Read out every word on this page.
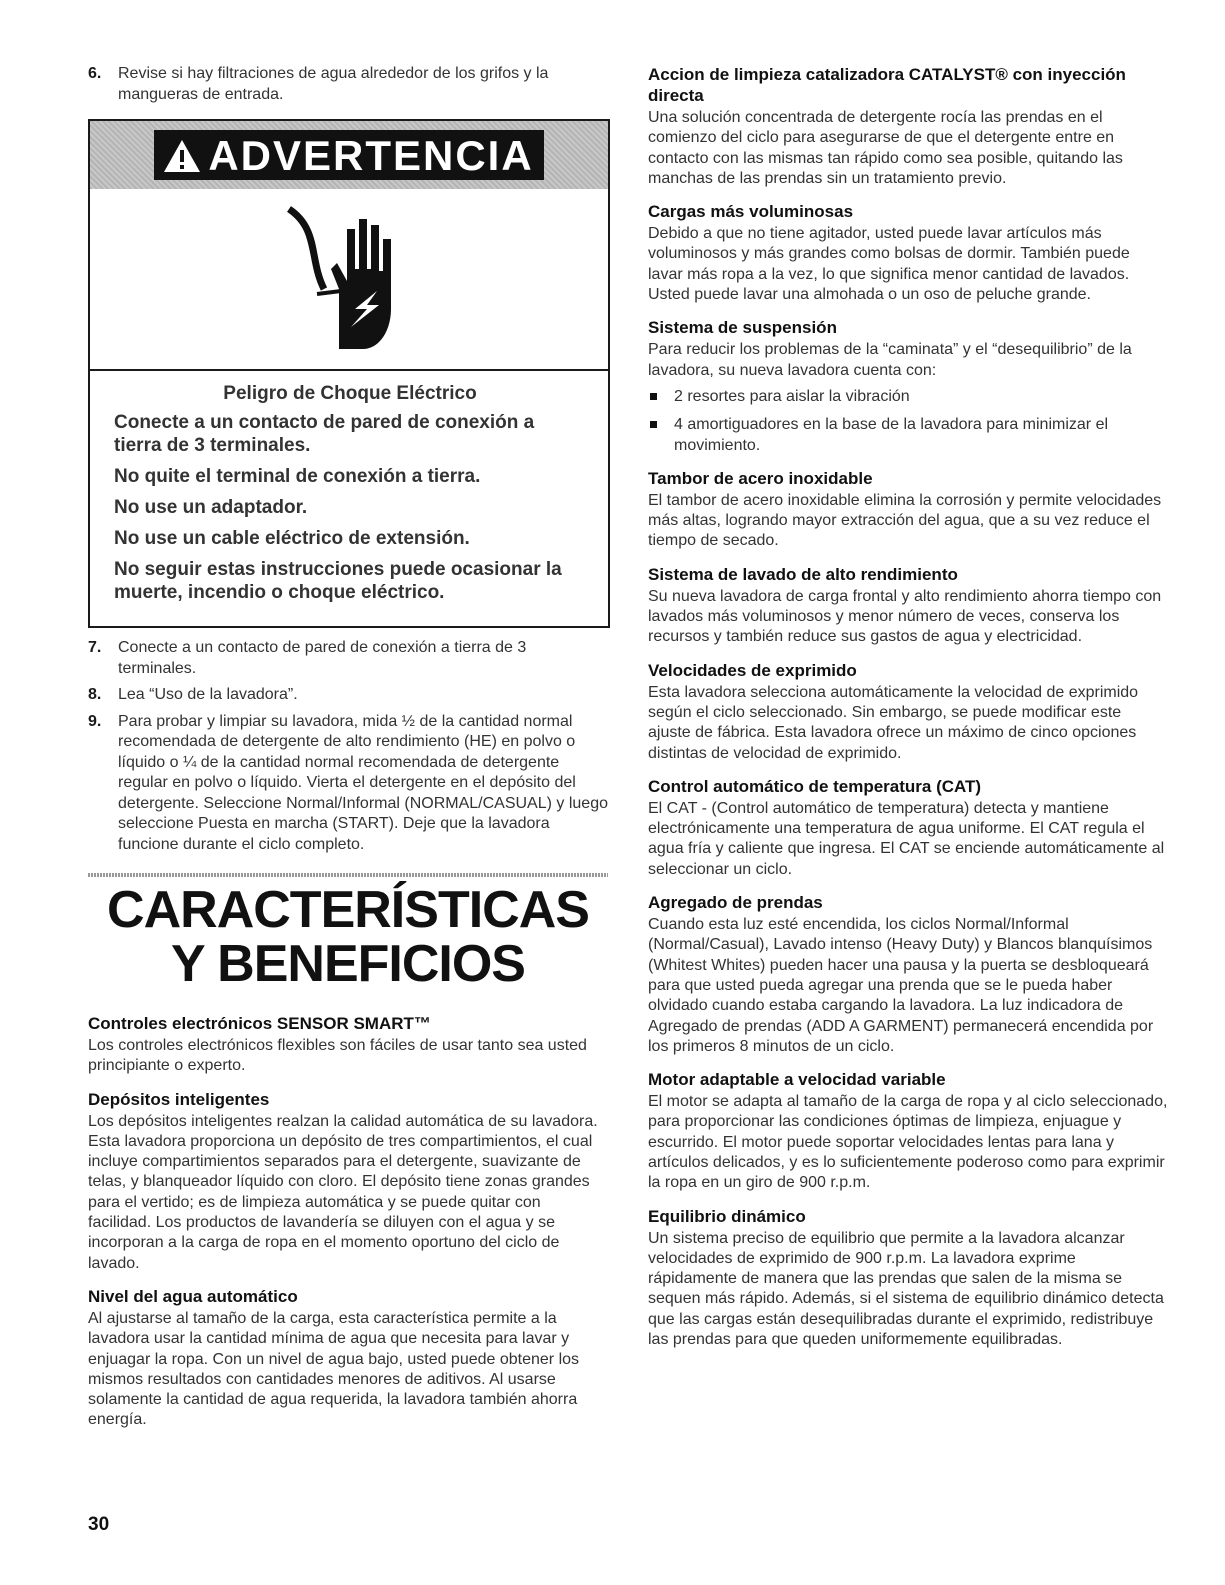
6. Revise si hay filtraciones de agua alrededor de los grifos y la mangueras de entrada.
ADVERTENCIA
Peligro de Choque Eléctrico
Conecte a un contacto de pared de conexión a tierra de 3 terminales.
No quite el terminal de conexión a tierra.
No use un adaptador.
No use un cable eléctrico de extensión.
No seguir estas instrucciones puede ocasionar la muerte, incendio o choque eléctrico.
7. Conecte a un contacto de pared de conexión a tierra de 3 terminales.
8. Lea “Uso de la lavadora”.
9. Para probar y limpiar su lavadora, mida ½ de la cantidad normal recomendada de detergente de alto rendimiento (HE) en polvo o líquido o ¼ de la cantidad normal recomendada de detergente regular en polvo o líquido. Vierta el detergente en el depósito del detergente. Seleccione Normal/Informal (NORMAL/CASUAL) y luego seleccione Puesta en marcha (START). Deje que la lavadora funcione durante el ciclo completo.
CARACTERÍSTICAS
Y BENEFICIOS
Controles electrónicos SENSOR SMART™

Los controles electrónicos flexibles son fáciles de usar tanto sea usted principiante o experto.

Depósitos inteligentes

Los depósitos inteligentes realzan la calidad automática de su lavadora. Esta lavadora proporciona un depósito de tres compartimientos, el cual incluye compartimientos separados para el detergente, suavizante de telas, y blanqueador líquido con cloro. El depósito tiene zonas grandes para el vertido; es de limpieza automática y se puede quitar con facilidad. Los productos de lavandería se diluyen con el agua y se incorporan a la carga de ropa en el momento oportuno del ciclo de lavado.

Nivel del agua automático

Al ajustarse al tamaño de la carga, esta característica permite a la lavadora usar la cantidad mínima de agua que necesita para lavar y enjuagar la ropa. Con un nivel de agua bajo, usted puede obtener los mismos resultados con cantidades menores de aditivos. Al usarse solamente la cantidad de agua requerida, la lavadora también ahorra energía.

Accion de limpieza catalizadora CATALYST® con inyección directa

Una solución concentrada de detergente rocía las prendas en el comienzo del ciclo para asegurarse de que el detergente entre en contacto con las mismas tan rápido como sea posible, quitando las manchas de las prendas sin un tratamiento previo.

Cargas más voluminosas

Debido a que no tiene agitador, usted puede lavar artículos más voluminosos y más grandes como bolsas de dormir. También puede lavar más ropa a la vez, lo que significa menor cantidad de lavados. Usted puede lavar una almohada o un oso de peluche grande.

Sistema de suspensión

Para reducir los problemas de la “caminata” y el “desequilibrio” de la lavadora, su nueva lavadora cuenta con:

2 resortes para aislar la vibración
4 amortiguadores en la base de la lavadora para minimizar el movimiento.
Tambor de acero inoxidable

El tambor de acero inoxidable elimina la corrosión y permite velocidades más altas, logrando mayor extracción del agua, que a su vez reduce el tiempo de secado.

Sistema de lavado de alto rendimiento

Su nueva lavadora de carga frontal y alto rendimiento ahorra tiempo con lavados más voluminosos y menor número de veces, conserva los recursos y también reduce sus gastos de agua y electricidad.

Velocidades de exprimido

Esta lavadora selecciona automáticamente la velocidad de exprimido según el ciclo seleccionado. Sin embargo, se puede modificar este ajuste de fábrica. Esta lavadora ofrece un máximo de cinco opciones distintas de velocidad de exprimido.

Control automático de temperatura (CAT)

El CAT - (Control automático de temperatura) detecta y mantiene electrónicamente una temperatura de agua uniforme. El CAT regula el agua fría y caliente que ingresa. El CAT se enciende automáticamente al seleccionar un ciclo.

Agregado de prendas

Cuando esta luz esté encendida, los ciclos Normal/Informal (Normal/Casual), Lavado intenso (Heavy Duty) y Blancos blanquísimos (Whitest Whites) pueden hacer una pausa y la puerta se desbloqueará para que usted pueda agregar una prenda que se le pueda haber olvidado cuando estaba cargando la lavadora. La luz indicadora de Agregado de prendas (ADD A GARMENT) permanecerá encendida por los primeros 8 minutos de un ciclo.

Motor adaptable a velocidad variable

El motor se adapta al tamaño de la carga de ropa y al ciclo seleccionado, para proporcionar las condiciones óptimas de limpieza, enjuague y escurrido. El motor puede soportar velocidades lentas para lana y artículos delicados, y es lo suficientemente poderoso como para exprimir la ropa en un giro de 900 r.p.m.

Equilibrio dinámico

Un sistema preciso de equilibrio que permite a la lavadora alcanzar velocidades de exprimido de 900 r.p.m. La lavadora exprime rápidamente de manera que las prendas que salen de la misma se sequen más rápido. Además, si el sistema de equilibrio dinámico detecta que las cargas están desequilibradas durante el exprimido, redistribuye las prendas para que queden uniformemente equilibradas.

30
